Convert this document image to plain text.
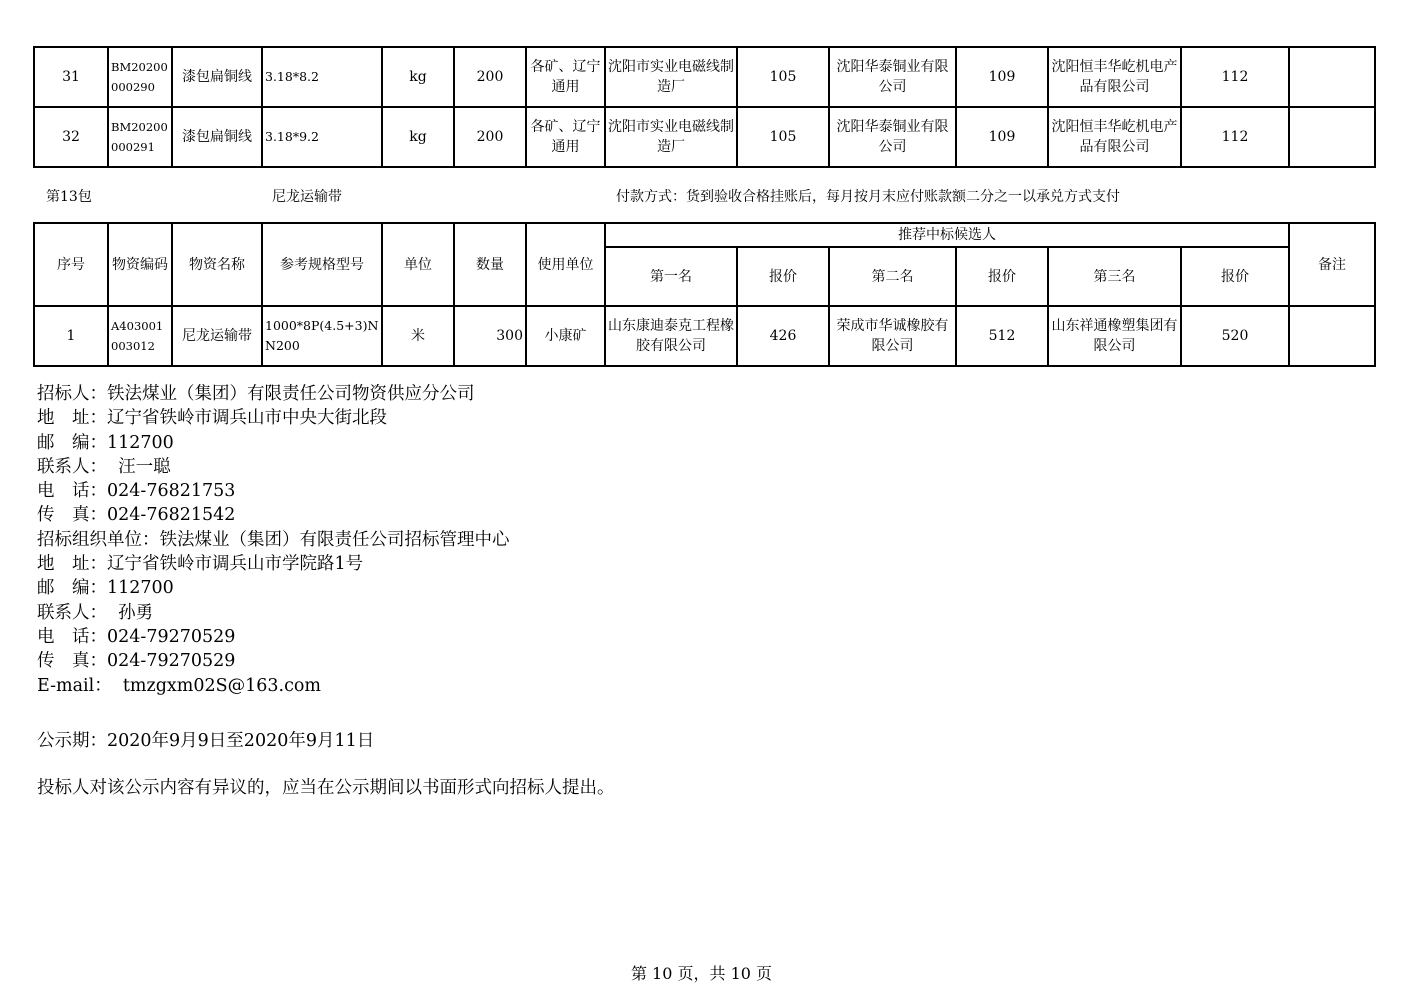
31	BM20200000290	漆包扁铜线	3.18*8.2	kg	200	各矿、辽宁通用	沈阳市实业电磁线制造厂	105	沈阳华泰铜业有限公司	109	沈阳恒丰华屹机电产品有限公司	112	
32	BM20200000291	漆包扁铜线	3.18*9.2	kg	200	各矿、辽宁通用	沈阳市实业电磁线制造厂	105	沈阳华泰铜业有限公司	109	沈阳恒丰华屹机电产品有限公司	112	
第13包	尼龙运输带	付款方式：货到验收合格挂账后，每月按月末应付账款额二分之一以承兑方式支付
序号	物资编码	物资名称	参考规格型号	单位	数量	使用单位	推荐中标候选人						备注
							第一名	报价	第二名	报价	第三名	报价	
1	A403001003012	尼龙运输带	1000*8P(4.5+3)NN200	米	300	小康矿	山东康迪泰克工程橡胶有限公司	426	荣成市华诚橡胶有限公司	512	山东祥通橡塑集团有限公司	520	
招标人：铁法煤业（集团）有限责任公司物资供应分公司
地　址：辽宁省铁岭市调兵山市中央大街北段
邮　编：112700
联系人：  汪一聪
电　话：024-76821753
传　真：024-76821542
招标组织单位：铁法煤业（集团）有限责任公司招标管理中心
地　址：辽宁省铁岭市调兵山市学院路1号
邮　编：112700
联系人：  孙勇
电　话：024-79270529
传　真：024-79270529
E-mail：  tmzgxm02S@163.com
公示期：2020年9月9日至2020年9月11日
投标人对该公示内容有异议的，应当在公示期间以书面形式向招标人提出。
第 10 页，共 10 页
